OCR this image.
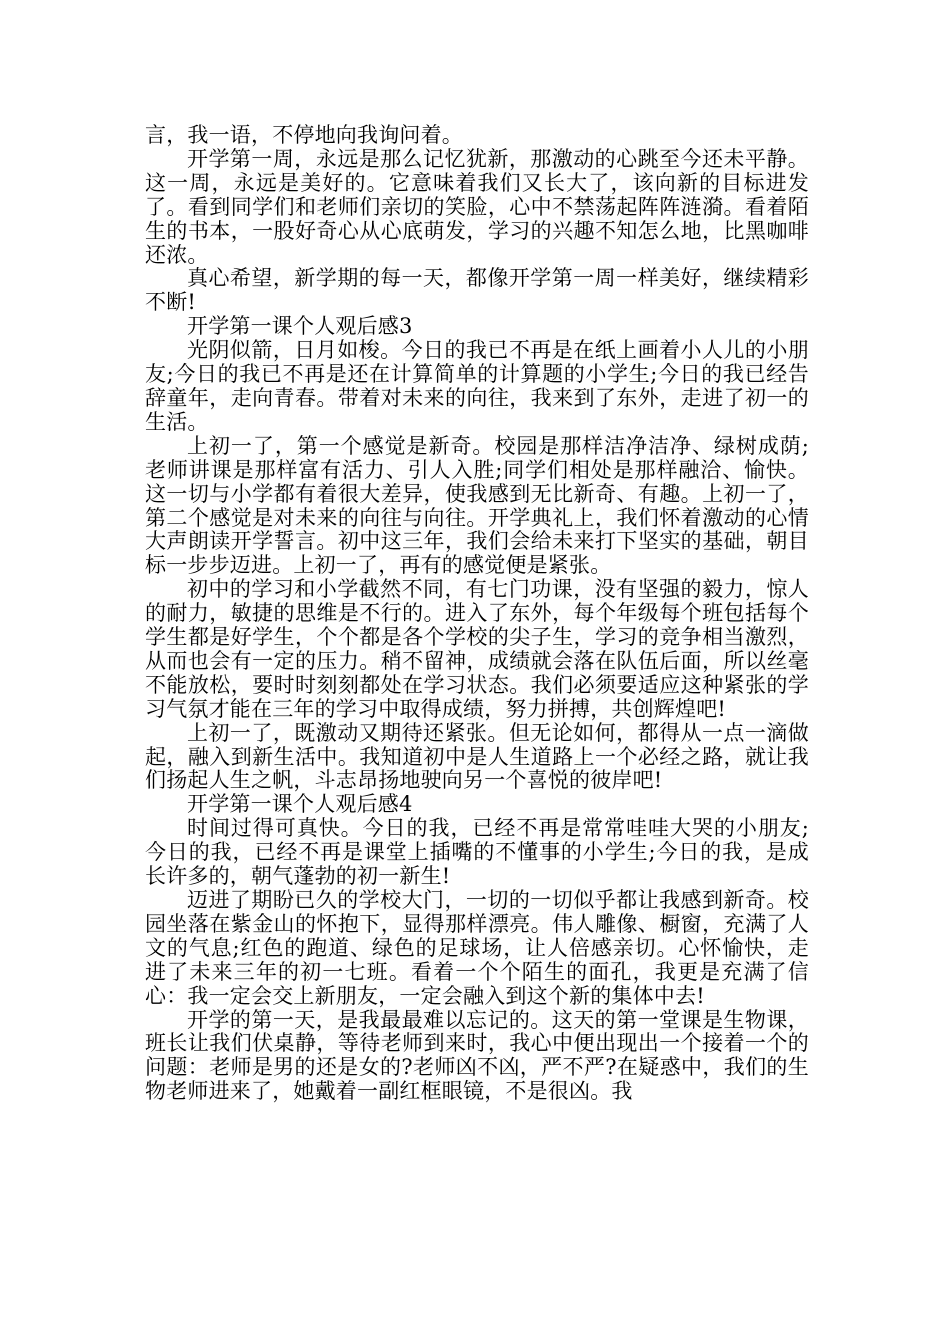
言，我一语，不停地向我询问着。

开学第一周，永远是那么记忆犹新，那激动的心跳至今还未平静。这一周，永远是美好的。它意味着我们又长大了，该向新的目标进发了。看到同学们和老师们亲切的笑脸，心中不禁荡起阵阵涟漪。看着陌生的书本，一股好奇心从心底萌发，学习的兴趣不知怎么地，比黑咖啡还浓。

真心希望，新学期的每一天，都像开学第一周一样美好，继续精彩不断!

开学第一课个人观后感3

光阴似箭，日月如梭。今日的我已不再是在纸上画着小人儿的小朋友;今日的我已不再是还在计算简单的计算题的小学生;今日的我已经告辞童年，走向青春。带着对未来的向往，我来到了东外，走进了初一的生活。

上初一了，第一个感觉是新奇。校园是那样洁净洁净、绿树成荫;老师讲课是那样富有活力、引人入胜;同学们相处是那样融洽、愉快。这一切与小学都有着很大差异，使我感到无比新奇、有趣。上初一了，第二个感觉是对未来的向往与向往。开学典礼上，我们怀着激动的心情大声朗读开学誓言。初中这三年，我们会给未来打下坚实的基础，朝目标一步步迈进。上初一了，再有的感觉便是紧张。

初中的学习和小学截然不同，有七门功课，没有坚强的毅力，惊人的耐力，敏捷的思维是不行的。进入了东外，每个年级每个班包括每个学生都是好学生，个个都是各个学校的尖子生，学习的竞争相当激烈，从而也会有一定的压力。稍不留神，成绩就会落在队伍后面，所以丝毫不能放松，要时时刻刻都处在学习状态。我们必须要适应这种紧张的学习气氛才能在三年的学习中取得成绩，努力拼搏，共创辉煌吧!

上初一了，既激动又期待还紧张。但无论如何，都得从一点一滴做起，融入到新生活中。我知道初中是人生道路上一个必经之路，就让我们扬起人生之帆，斗志昂扬地驶向另一个喜悦的彼岸吧!

开学第一课个人观后感4

时间过得可真快。今日的我，已经不再是常常哇哇大哭的小朋友;今日的我，已经不再是课堂上插嘴的不懂事的小学生;今日的我，是成长许多的，朝气蓬勃的初一新生!

迈进了期盼已久的学校大门，一切的一切似乎都让我感到新奇。校园坐落在紫金山的怀抱下，显得那样漂亮。伟人雕像、橱窗，充满了人文的气息;红色的跑道、绿色的足球场，让人倍感亲切。心怀愉快，走进了未来三年的初一七班。看着一个个陌生的面孔，我更是充满了信心：我一定会交上新朋友，一定会融入到这个新的集体中去!

开学的第一天，是我最最难以忘记的。这天的第一堂课是生物课，班长让我们伏桌静，等待老师到来时，我心中便出现出一个接着一个的问题：老师是男的还是女的?老师凶不凶，严不严?在疑惑中，我们的生物老师进来了，她戴着一副红框眼镜，不是很凶。我
